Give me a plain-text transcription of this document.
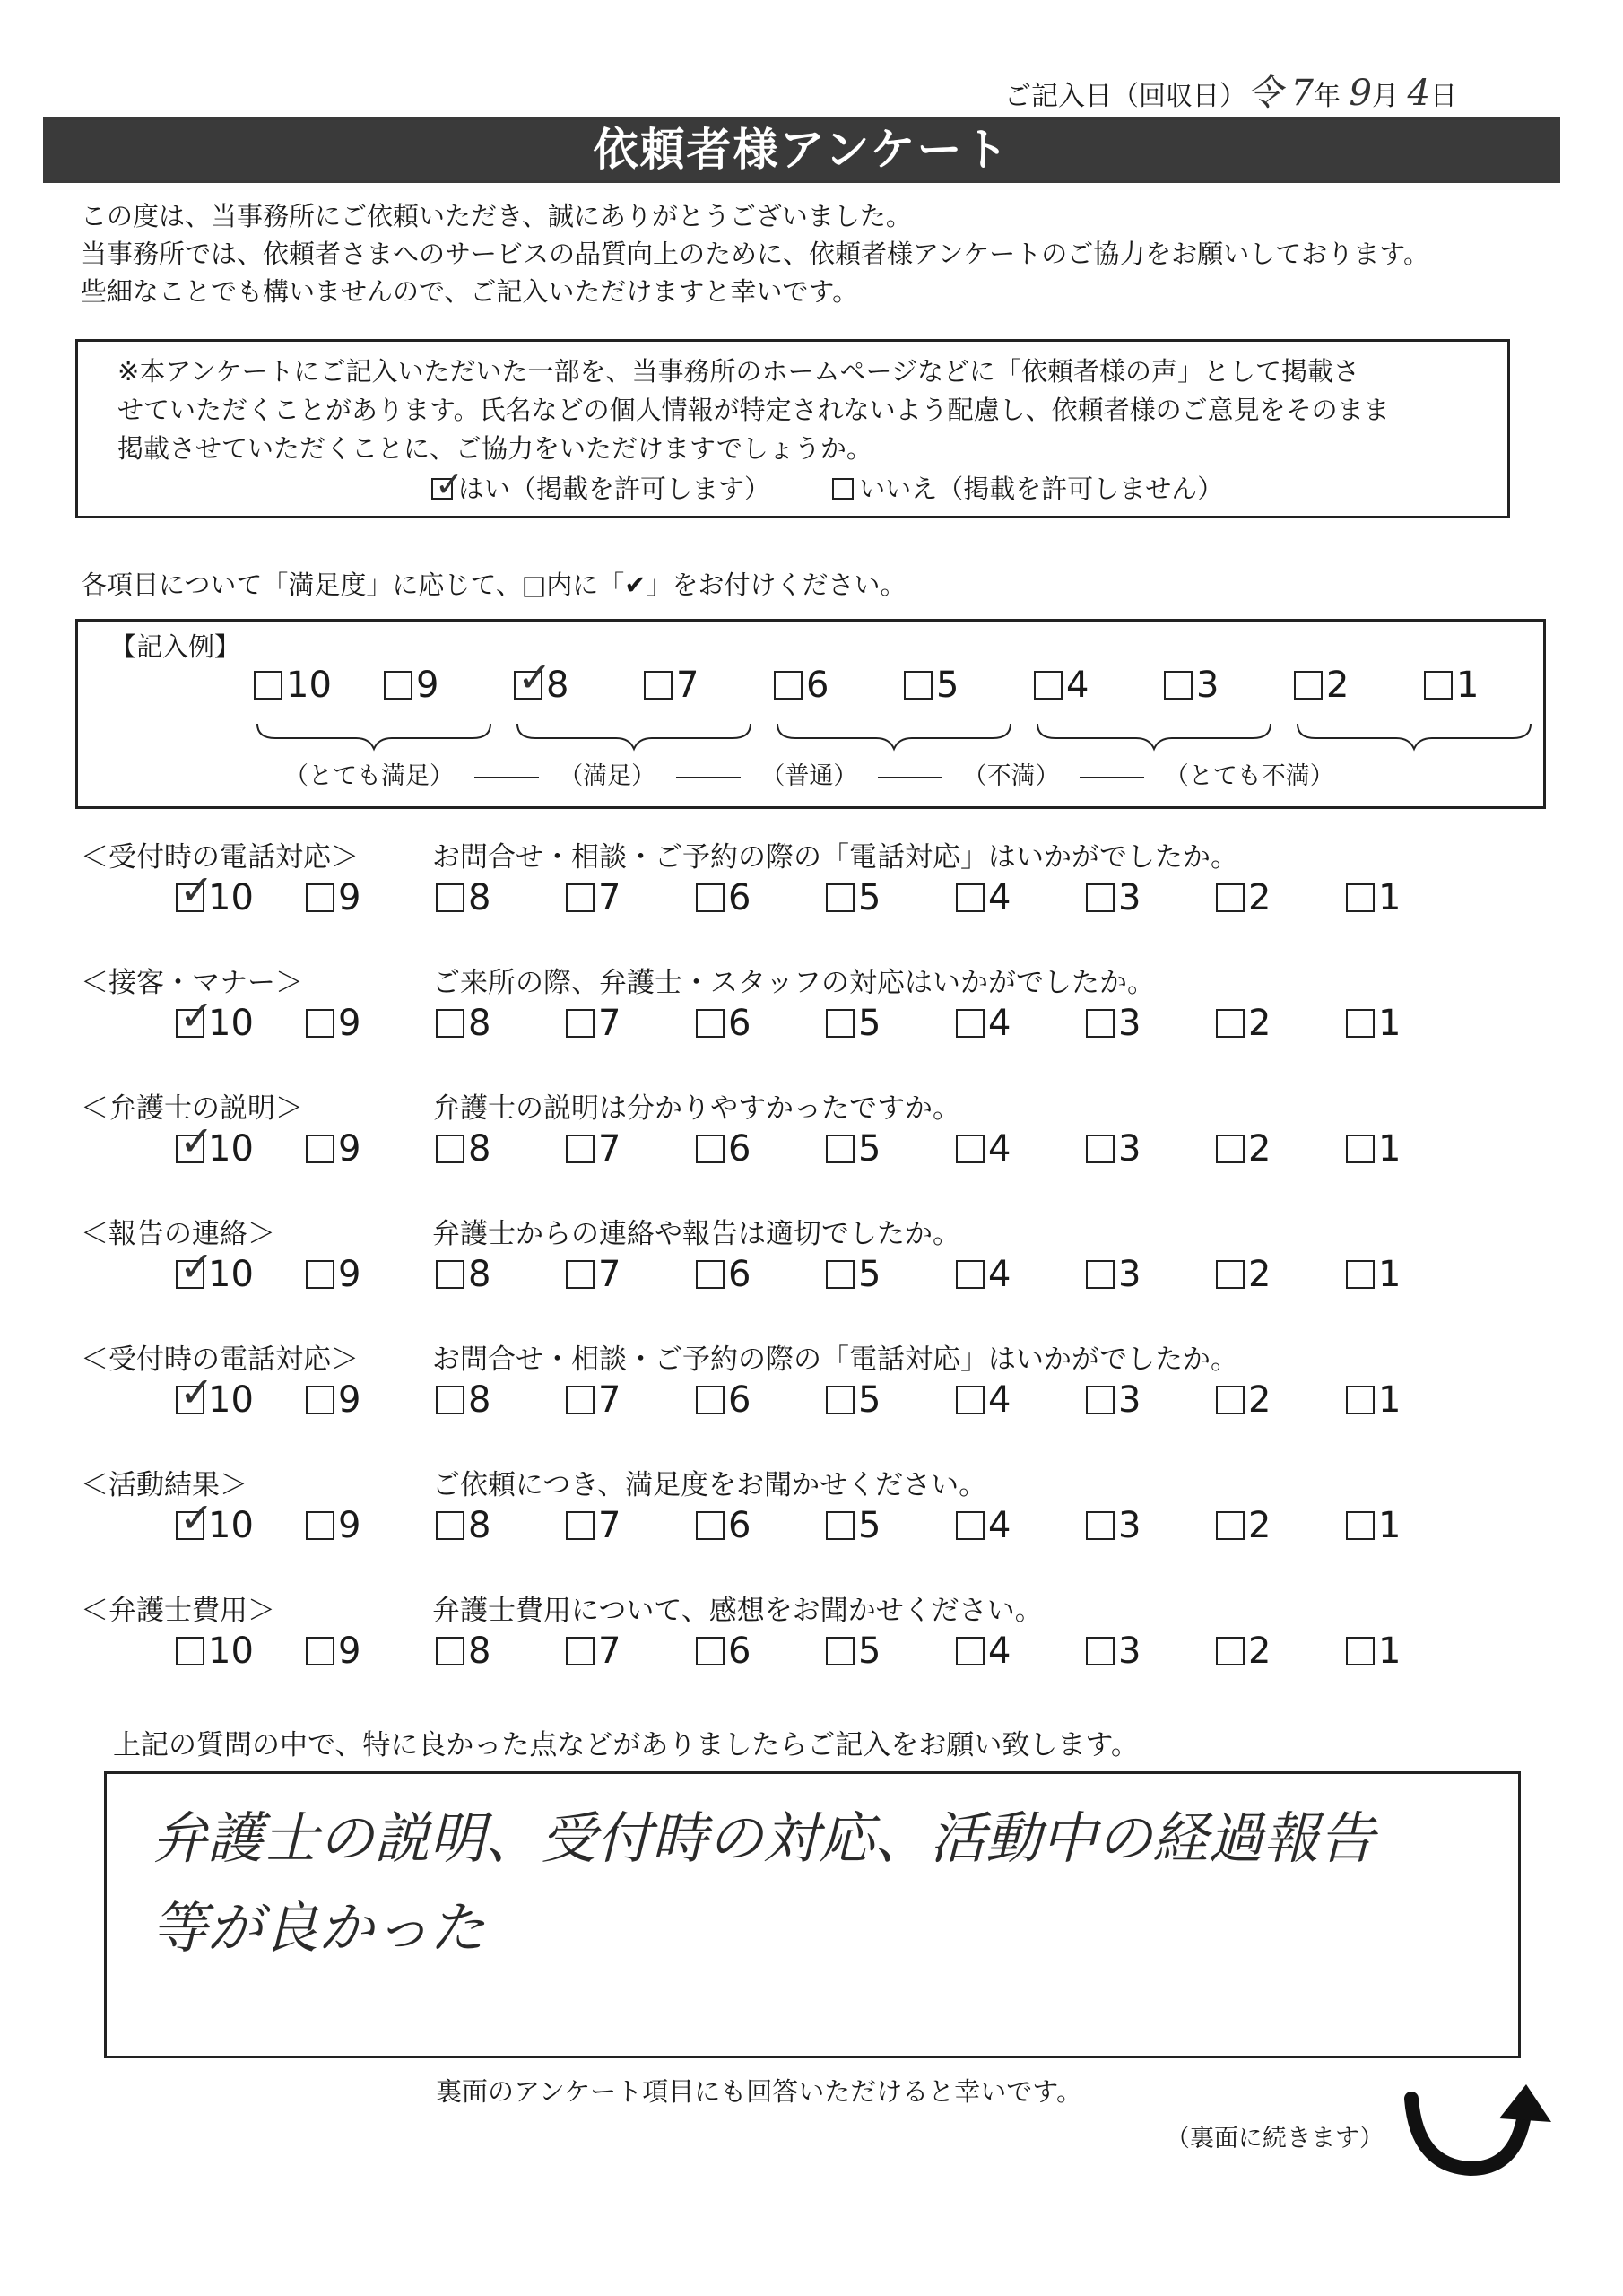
ご記入日（回収日）令 7年 9月 4日
依頼者様アンケート
この度は、当事務所にご依頼いただき、誠にありがとうございました。
当事務所では、依頼者さまへのサービスの品質向上のために、依頼者様アンケートのご協力をお願いしております。
些細なことでも構いませんので、ご記入いただけますと幸いです。
※本アンケートにご記入いただいた一部を、当事務所のホームページなどに「依頼者様の声」として掲載さ
せていただくことがあります。氏名などの個人情報が特定されないよう配慮し、依頼者様のご意見をそのまま
掲載させていただくことに、ご協力をいただけますでしょうか。
✓
はい（掲載を許可します）	いいえ（掲載を許可しません）
各項目について「満足度」に応じて、□内に「✔」をお付けください。
【記入例】
10 9 ✓
8	7	6	5	4	3	2	1
（とても満足）	（満足）	（普通）	（不満）	（とても不満）
＜受付時の電話対応＞	お問合せ・相談・ご予約の際の「電話対応」はいかがでしたか。
✓
10 9	8	7	6	5	4	3	2	1
＜接客・マナー＞	ご来所の際、弁護士・スタッフの対応はいかがでしたか。
✓
10 9	8	7	6	5	4	3	2	1
＜弁護士の説明＞	弁護士の説明は分かりやすかったですか。
✓
10 9	8	7	6	5	4	3	2	1
＜報告の連絡＞	弁護士からの連絡や報告は適切でしたか。
✓
10 9	8	7	6	5	4	3	2	1
＜受付時の電話対応＞	お問合せ・相談・ご予約の際の「電話対応」はいかがでしたか。
✓
10 9	8	7	6	5	4	3	2	1
＜活動結果＞	ご依頼につき、満足度をお聞かせください。
✓
10 9	8	7	6	5	4	3	2	1
＜弁護士費用＞	弁護士費用について、感想をお聞かせください。
10 9	8	7	6	5	4	3	2	1
上記の質問の中で、特に良かった点などがありましたらご記入をお願い致します。
弁護士の説明、受付時の対応、活動中の経過報告
等が良かった
裏面のアンケート項目にも回答いただけると幸いです。
（裏面に続きます）
